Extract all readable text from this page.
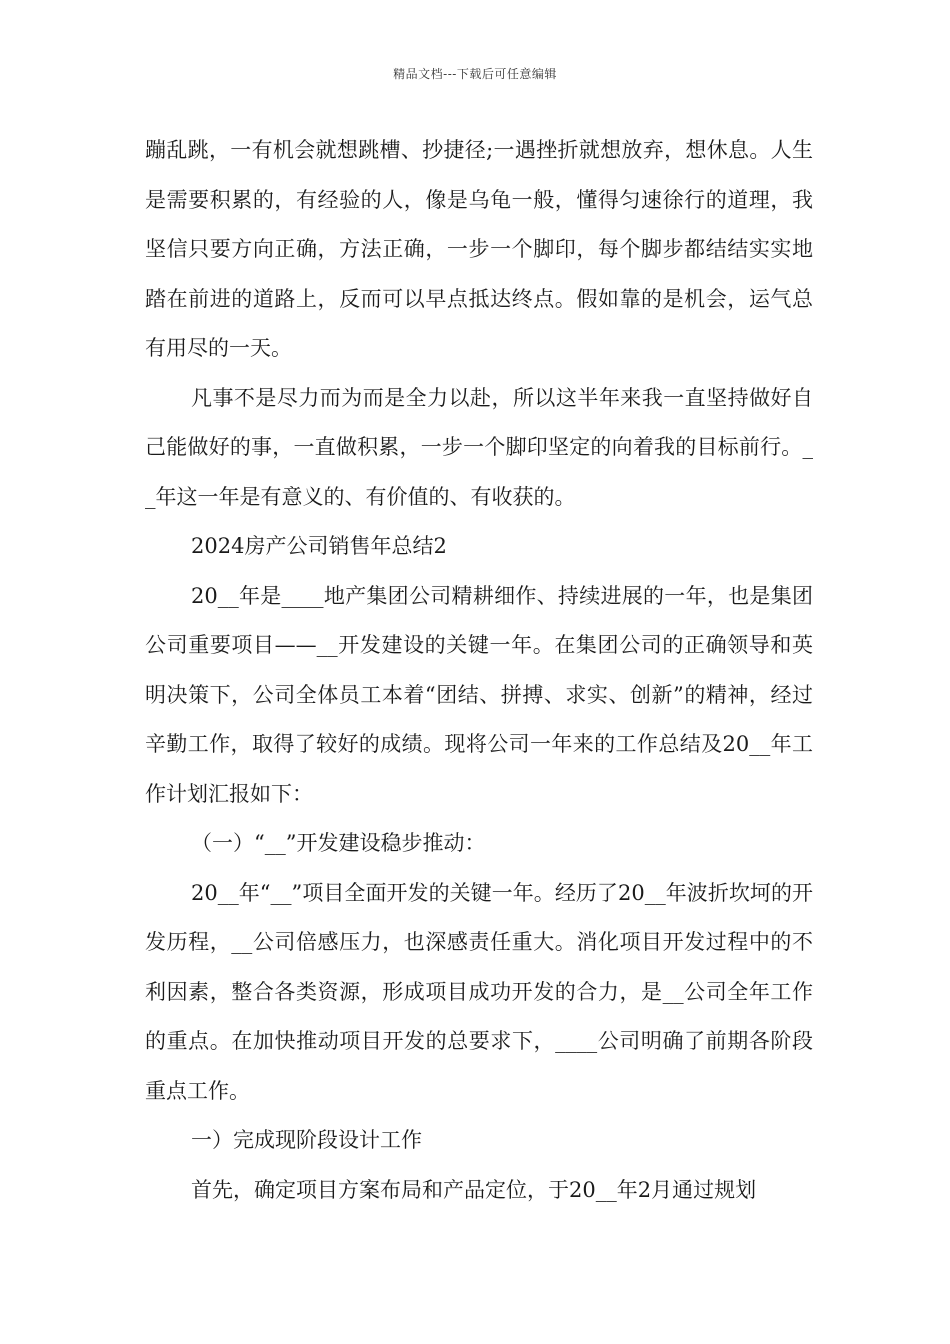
精品文档---下载后可任意编辑

蹦乱跳，一有机会就想跳槽、抄捷径;一遇挫折就想放弃，想休息。人生是需要积累的，有经验的人，像是乌龟一般，懂得匀速徐行的道理，我坚信只要方向正确，方法正确，一步一个脚印，每个脚步都结结实实地踏在前进的道路上，反而可以早点抵达终点。假如靠的是机会，运气总有用尽的一天。

凡事不是尽力而为而是全力以赴，所以这半年来我一直坚持做好自己能做好的事，一直做积累，一步一个脚印坚定的向着我的目标前行。__年这一年是有意义的、有价值的、有收获的。

2024房产公司销售年总结2

20__年是____地产集团公司精耕细作、持续进展的一年，也是集团公司重要项目——__开发建设的关键一年。在集团公司的正确领导和英明决策下，公司全体员工本着“团结、拼搏、求实、创新”的精神，经过辛勤工作，取得了较好的成绩。现将公司一年来的工作总结及20__年工作计划汇报如下：

（一）“__”开发建设稳步推动：

20__年“__”项目全面开发的关键一年。经历了20__年波折坎坷的开发历程，__公司倍感压力，也深感责任重大。消化项目开发过程中的不利因素，整合各类资源，形成项目成功开发的合力，是__公司全年工作的重点。在加快推动项目开发的总要求下，____公司明确了前期各阶段重点工作。

一）完成现阶段设计工作

首先，确定项目方案布局和产品定位，于20__年2月通过规划
